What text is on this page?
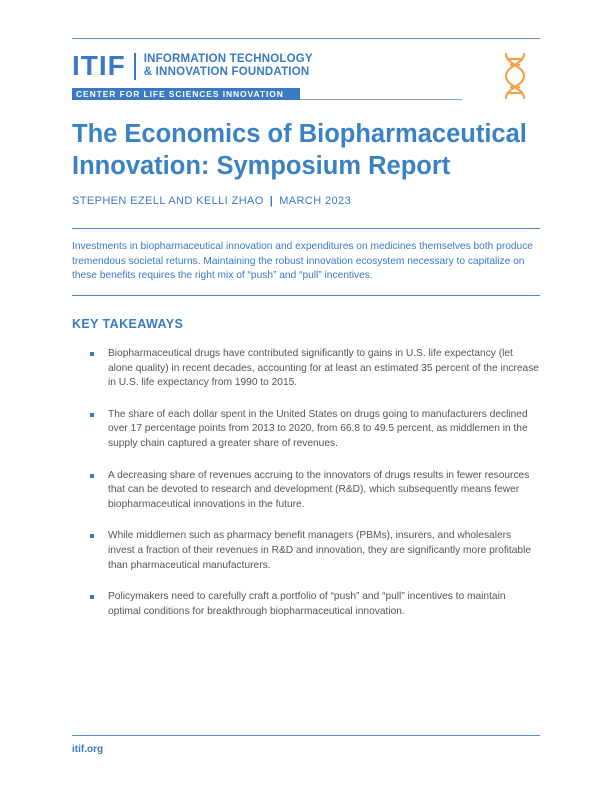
ITIF INFORMATION TECHNOLOGY
& INNOVATION FOUNDATION
CENTER FOR LIFE SCIENCES INNOVATION
The Economics of Biopharmaceutical Innovation: Symposium Report
STEPHEN EZELL AND KELLI ZHAO | MARCH 2023

Investments in biopharmaceutical innovation and expenditures on medicines themselves both produce tremendous societal returns. Maintaining the robust innovation ecosystem necessary to capitalize on these benefits requires the right mix of “push” and “pull” incentives.

KEY TAKEAWAYS
Biopharmaceutical drugs have contributed significantly to gains in U.S. life expectancy (let alone quality) in recent decades, accounting for at least an estimated 35 percent of the increase in U.S. life expectancy from 1990 to 2015.
The share of each dollar spent in the United States on drugs going to manufacturers declined over 17 percentage points from 2013 to 2020, from 66.8 to 49.5 percent, as middlemen in the supply chain captured a greater share of revenues.
A decreasing share of revenues accruing to the innovators of drugs results in fewer resources that can be devoted to research and development (R&D), which subsequently means fewer biopharmaceutical innovations in the future.
While middlemen such as pharmacy benefit managers (PBMs), insurers, and wholesalers invest a fraction of their revenues in R&D and innovation, they are significantly more profitable than pharmaceutical manufacturers.
Policymakers need to carefully craft a portfolio of “push” and “pull” incentives to maintain optimal conditions for breakthrough biopharmaceutical innovation.
itif.org
